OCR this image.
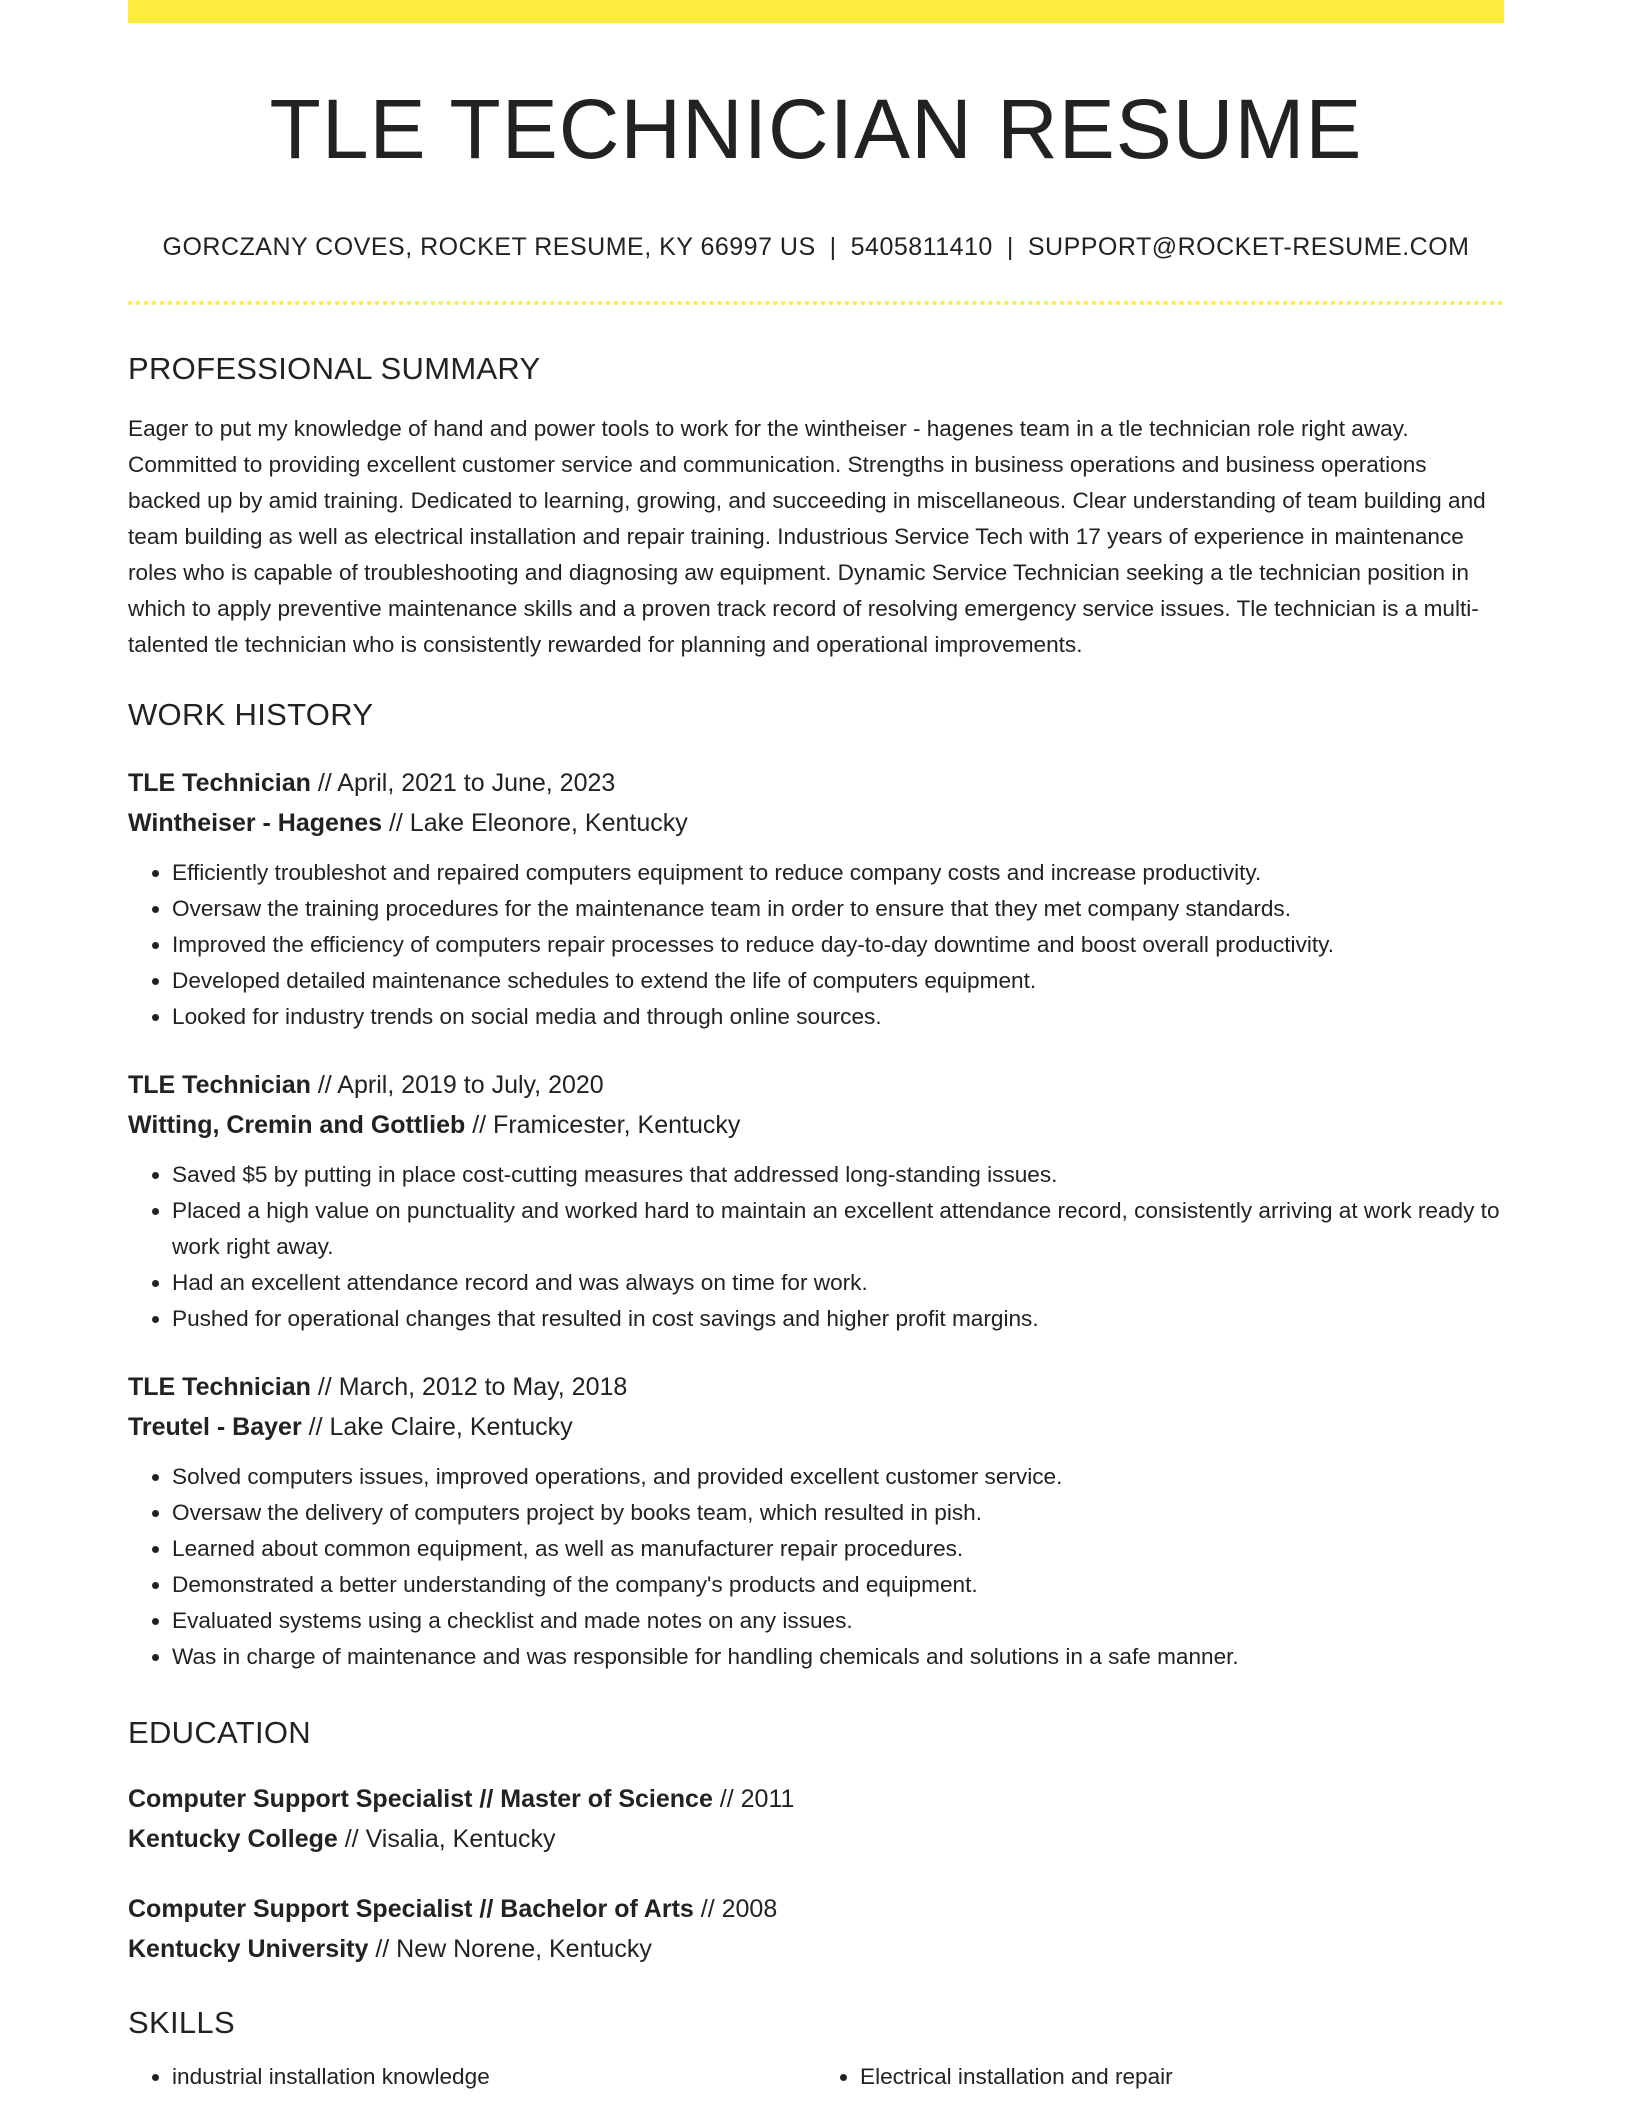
TLE TECHNICIAN RESUME
GORCZANY COVES, ROCKET RESUME, KY 66997 US | 5405811410 | SUPPORT@ROCKET-RESUME.COM
PROFESSIONAL SUMMARY

Eager to put my knowledge of hand and power tools to work for the wintheiser - hagenes team in a tle technician role right away. Committed to providing excellent customer service and communication. Strengths in business operations and business operations backed up by amid training. Dedicated to learning, growing, and succeeding in miscellaneous. Clear understanding of team building and team building as well as electrical installation and repair training. Industrious Service Tech with 17 years of experience in maintenance roles who is capable of troubleshooting and diagnosing aw equipment. Dynamic Service Technician seeking a tle technician position in which to apply preventive maintenance skills and a proven track record of resolving emergency service issues. Tle technician is a multi-talented tle technician who is consistently rewarded for planning and operational improvements.

WORK HISTORY
TLE Technician // April, 2021 to June, 2023
Wintheiser - Hagenes // Lake Eleonore, Kentucky
• Efficiently troubleshot and repaired computers equipment to reduce company costs and increase productivity.
• Oversaw the training procedures for the maintenance team in order to ensure that they met company standards.
• Improved the efficiency of computers repair processes to reduce day-to-day downtime and boost overall productivity.
• Developed detailed maintenance schedules to extend the life of computers equipment.
• Looked for industry trends on social media and through online sources.
TLE Technician // April, 2019 to July, 2020
Witting, Cremin and Gottlieb // Framicester, Kentucky
• Saved $5 by putting in place cost-cutting measures that addressed long-standing issues.
• Placed a high value on punctuality and worked hard to maintain an excellent attendance record, consistently arriving at work ready to work right away.
• Had an excellent attendance record and was always on time for work.
• Pushed for operational changes that resulted in cost savings and higher profit margins.
TLE Technician // March, 2012 to May, 2018
Treutel - Bayer // Lake Claire, Kentucky
• Solved computers issues, improved operations, and provided excellent customer service.
• Oversaw the delivery of computers project by books team, which resulted in pish.
• Learned about common equipment, as well as manufacturer repair procedures.
• Demonstrated a better understanding of the company's products and equipment.
• Evaluated systems using a checklist and made notes on any issues.
• Was in charge of maintenance and was responsible for handling chemicals and solutions in a safe manner.
EDUCATION
Computer Support Specialist // Master of Science // 2011
Kentucky College // Visalia, Kentucky
Computer Support Specialist // Bachelor of Arts // 2008
Kentucky University // New Norene, Kentucky
SKILLS
• industrial installation knowledge
•	Electrical installation and repair
